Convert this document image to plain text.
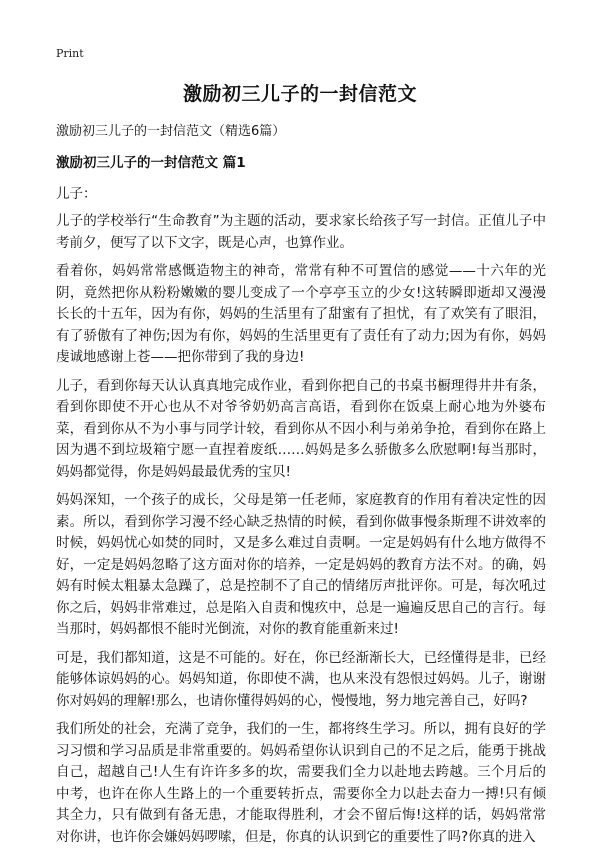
Print
激励初三儿子的一封信范文
激励初三儿子的一封信范文（精选6篇）
激励初三儿子的一封信范文 篇1
儿子：

儿子的学校举行“生命教育”为主题的活动，要求家长给孩子写一封信。正值儿子中考前夕，便写了以下文字，既是心声，也算作业。

看着你，妈妈常常感慨造物主的神奇，常常有种不可置信的感觉——十六年的光阴，竟然把你从粉粉嫩嫩的婴儿变成了一个亭亭玉立的少女!这转瞬即逝却又漫漫长长的十五年，因为有你，妈妈的生活里有了甜蜜有了担忧，有了欢笑有了眼泪，有了骄傲有了神伤;因为有你，妈妈的生活里更有了责任有了动力;因为有你，妈妈虔诚地感谢上苍——把你带到了我的身边!

儿子，看到你每天认认真真地完成作业，看到你把自己的书桌书橱理得井井有条，看到你即使不开心也从不对爷爷奶奶高言高语，看到你在饭桌上耐心地为外婆布菜，看到你从不为小事与同学计较，看到你从不因小利与弟弟争抢，看到你在路上因为遇不到垃圾箱宁愿一直捏着废纸……妈妈是多么骄傲多么欣慰啊!每当那时，妈妈都觉得，你是妈妈最最优秀的宝贝!

妈妈深知，一个孩子的成长，父母是第一任老师，家庭教育的作用有着决定性的因素。所以，看到你学习漫不经心缺乏热情的时候，看到你做事慢条斯理不讲效率的时候，妈妈忧心如焚的同时，又是多么难过自责啊。一定是妈妈有什么地方做得不好，一定是妈妈忽略了这方面对你的培养，一定是妈妈的教育方法不对。的确，妈妈有时候太粗暴太急躁了，总是控制不了自己的情绪厉声批评你。可是，每次吼过你之后，妈妈非常难过，总是陷入自责和愧疚中，总是一遍遍反思自己的言行。每当那时，妈妈都恨不能时光倒流，对你的教育能重新来过!

可是，我们都知道，这是不可能的。好在，你已经渐渐长大，已经懂得是非，已经能够体谅妈妈的心。妈妈知道，你即使不满，也从来没有怨恨过妈妈。儿子，谢谢你对妈妈的理解!那么，也请你懂得妈妈的心，慢慢地，努力地完善自己，好吗?

我们所处的社会，充满了竞争，我们的一生，都将终生学习。所以，拥有良好的学习习惯和学习品质是非常重要的。妈妈希望你认识到自己的不足之后，能勇于挑战自己，超越自己!人生有许许多多的坎，需要我们全力以赴地去跨越。三个月后的中考，也许在你人生路上的一个重要转折点，需要你全力以赴去奋力一搏!只有倾其全力，只有做到有备无患，才能取得胜利，才会不留后悔!这样的话，妈妈常常对你讲，也许你会嫌妈妈啰嗦，但是，你真的认识到它的重要性了吗?你真的进入
